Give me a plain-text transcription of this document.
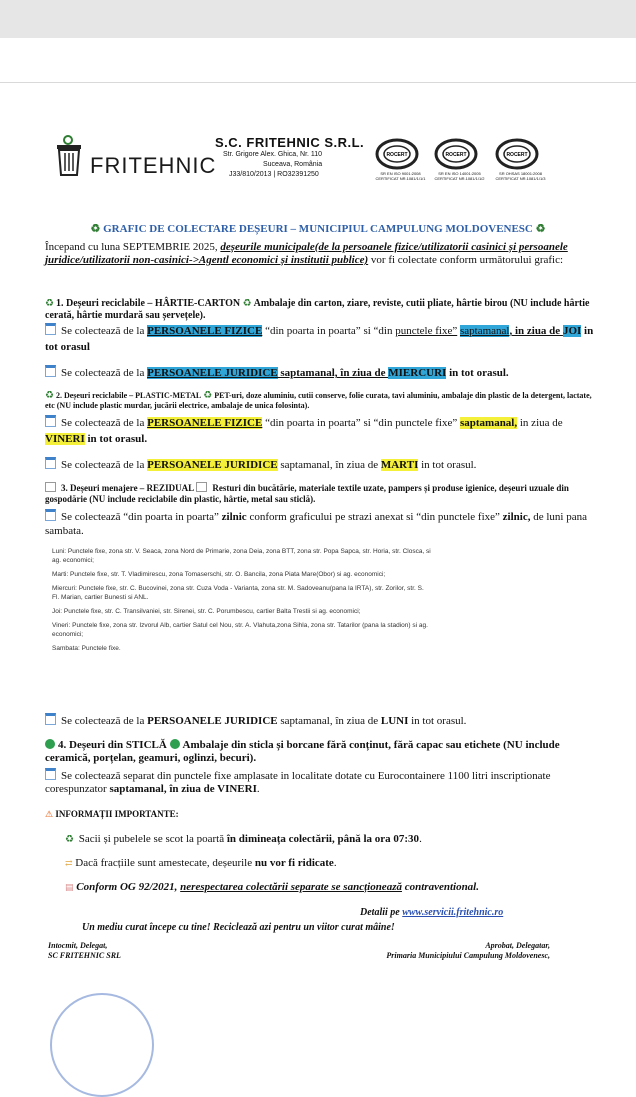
FRITEHNIC
S.C. FRITEHNIC S.R.L.
Str. Grigore Alex. Ghica, Nr. 110
Suceava, România
J33/810/2013 | RO32391250
ROCERT
SR EN ISO 9001:2008 CERTIFICAT NR.1081/1/1/1
ROCERT
SR EN ISO 14001:2005 CERTIFICAT NR.1081/1/1/2
ROCERT
SR OHSAS 18001:2008 CERTIFICAT NR.1081/1/1/3
♻ GRAFIC DE COLECTARE DEȘEURI – MUNICIPIUL CAMPULUNG MOLDOVENESC ♻
Începand cu luna SEPTEMBRIE 2025, deșeurile municipale(de la persoanele fizice/utilizatorii casinici și persoanele juridice/utilizatorii non-casinici->Agentl economici și institutii publice) vor fi colectate conform următorului grafic:
♻ 1. Deșeuri reciclabile – HÂRTIE-CARTON ♻ Ambalaje din carton, ziare, reviste, cutii pliate, hârtie birou (NU include hârtie cerată, hârtie murdară sau șervețele).
Se colectează de la PERSOANELE FIZICE “din poarta in poarta” si “din punctele fixe” saptamanal, in ziua de JOI in tot orasul
Se colectează de la PERSOANELE JURIDICE saptamanal, în ziua de MIERCURI in tot orasul.
♻ 2. Deșeuri reciclabile – PLASTIC-METAL ♻ PET-uri, doze aluminiu, cutii conserve, folie curata, tavi aluminiu, ambalaje din plastic de la detergent, lactate, etc (NU include plastic murdar, jucării electrice, ambalaje de unica folosinta).
Se colectează de la PERSOANELE FIZICE “din poarta in poarta” si “din punctele fixe” saptamanal, in ziua de VINERI in tot orasul.
Se colectează de la PERSOANELE JURIDICE saptamanal, în ziua de MARTI in tot orasul.
3. Deșeuri menajere – REZIDUAL Resturi din bucătărie, materiale textile uzate, pampers și produse igienice, deșeuri uzuale din gospodărie (NU include reciclabile din plastic, hârtie, metal sau sticlă).
Se colectează “din poarta in poarta” zilnic conform graficului pe strazi anexat si “din punctele fixe” zilnic, de luni pana sambata.
Luni: Punctele fixe, zona str. V. Seaca, zona Nord de Primarie, zona Deia, zona BTT, zona str. Popa Sapca, str. Horia, str. Closca, si ag. economici;
Marti: Punctele fixe, str. T. Vladimirescu, zona Tomaserschi, str. O. Bancila, zona Piata Mare(Obor) si ag. economici;
Miercuri: Punctele fixe, str. C. Bucovinei, zona str. Cuza Voda - Varianta, zona str. M. Sadoveanu(pana la IRTA), str. Zorilor, str. S. Fl. Marian, cartier Bunesti si ANL.
Joi: Punctele fixe, str. C. Transilvaniei, str. Sirenei, str. C. Porumbescu, cartier Balta Trestii si ag. economici;
Vineri: Punctele fixe, zona str. Izvorul Alb, cartier Satul cel Nou, str. A. Vlahuta,zona Sihla, zona str. Tatarilor (pana la stadion) si ag. economici;
Sambata: Punctele fixe.
Se colectează de la PERSOANELE JURIDICE saptamanal, în ziua de LUNI in tot orasul.
4. Deșeuri din STICLĂ Ambalaje din sticla și borcane fără conținut, fără capac sau etichete (NU include ceramică, porțelan, geamuri, oglinzi, becuri).
Se colectează separat din punctele fixe amplasate in localitate dotate cu Eurocontainere 1100 litri inscriptionate corespunzator saptamanal, în ziua de VINERI.
⚠ INFORMAȚII IMPORTANTE:
♻ Sacii și pubelele se scot la poartă în dimineața colectării, până la ora 07:30.
⇄ Dacă fracțiile sunt amestecate, deșeurile nu vor fi ridicate.
▤ Conform OG 92/2021, nerespectarea colectării separate se sancționează contraventional.
Detalii pe www.servicii.fritehnic.ro
Un mediu curat începe cu tine! Reciclează azi pentru un viitor curat mâine!
Intocmit, Delegat,
SC FRITEHNIC SRL
Aprobat, Delegatar,
Primaria Municipiului Campulung Moldovenesc,
